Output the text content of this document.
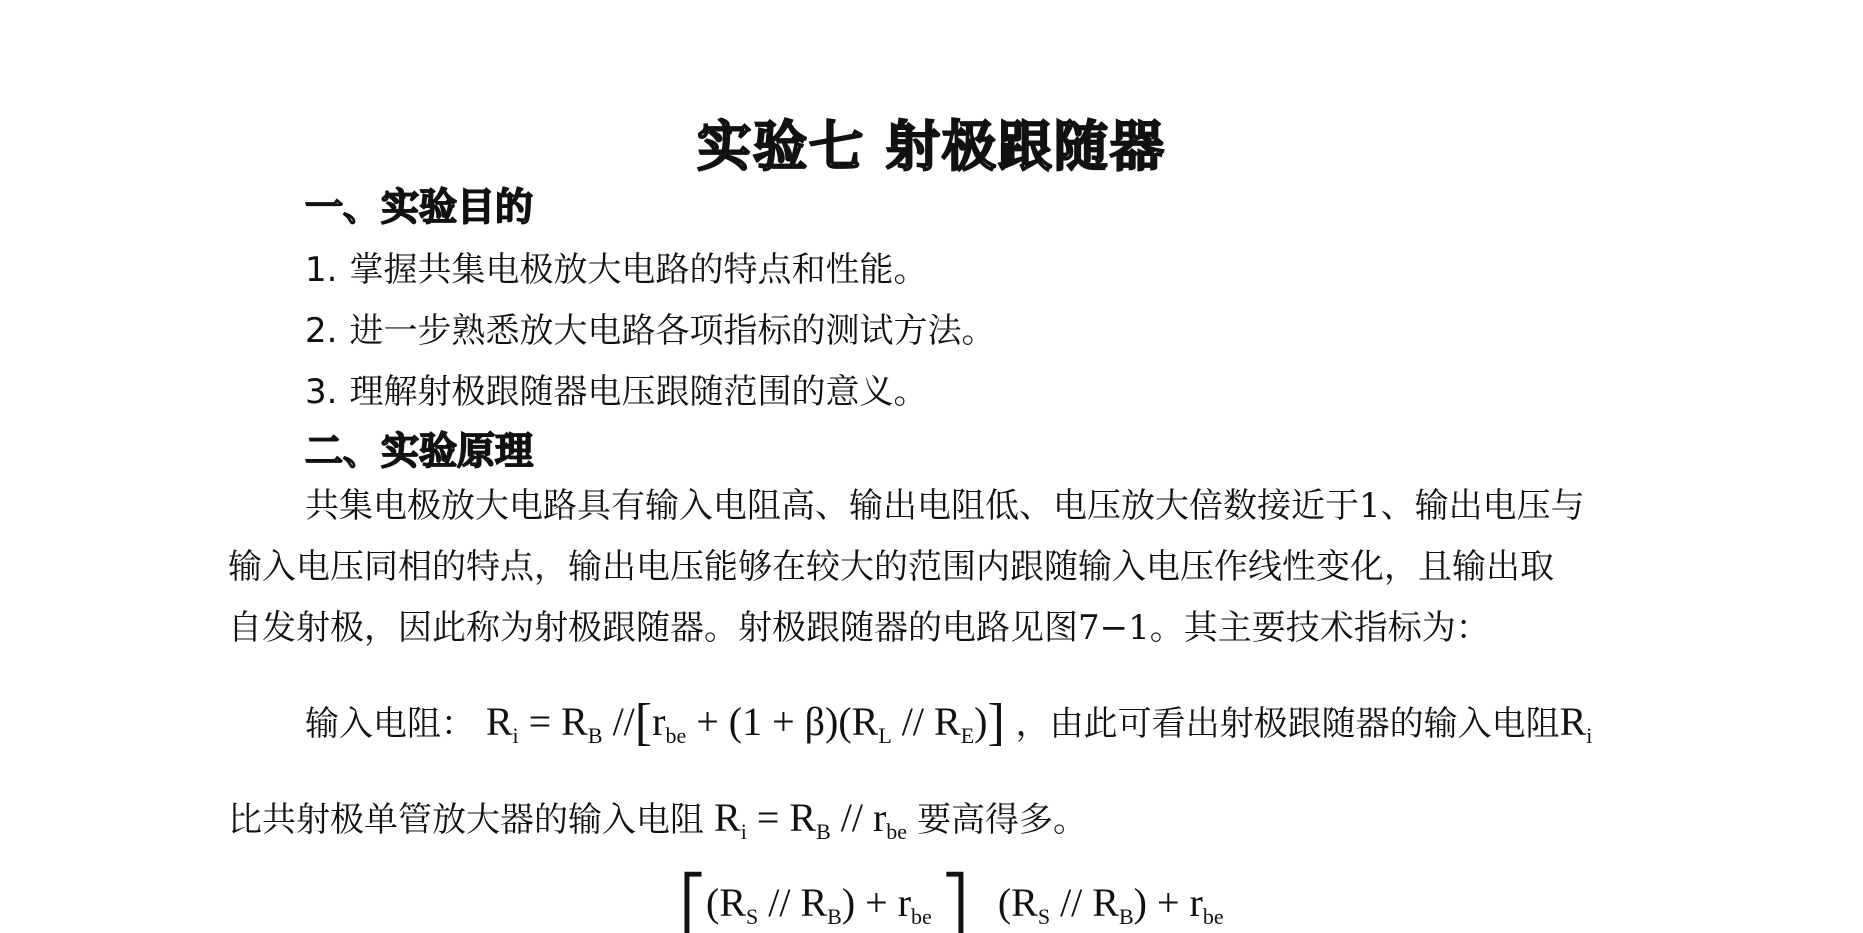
实验七 射极跟随器
一、实验目的
1. 掌握共集电极放大电路的特点和性能。
2. 进一步熟悉放大电路各项指标的测试方法。
3. 理解射极跟随器电压跟随范围的意义。
二、实验原理

共集电极放大电路具有输入电阻高、输出电阻低、电压放大倍数接近于1、输出电压与

输入电压同相的特点，输出电压能够在较大的范围内跟随输入电压作线性变化，且输出取

自发射极，因此称为射极跟随器。射极跟随器的电路见图7−1。其主要技术指标为：

输入电阻： $R_i = R_B$ $//[r_{be} + (1 + \beta)(R_L // R_E)]$ ，由此可看出射极跟随器的输入电阻$R_i$
比共射极单管放大器的输入电阻 $R_i = R_B // r_{be}$ 要高得多。
$⎡(R_S // R_B) + r_{be}$ ⎤   $(R_S // R_B) + r_{be}$
